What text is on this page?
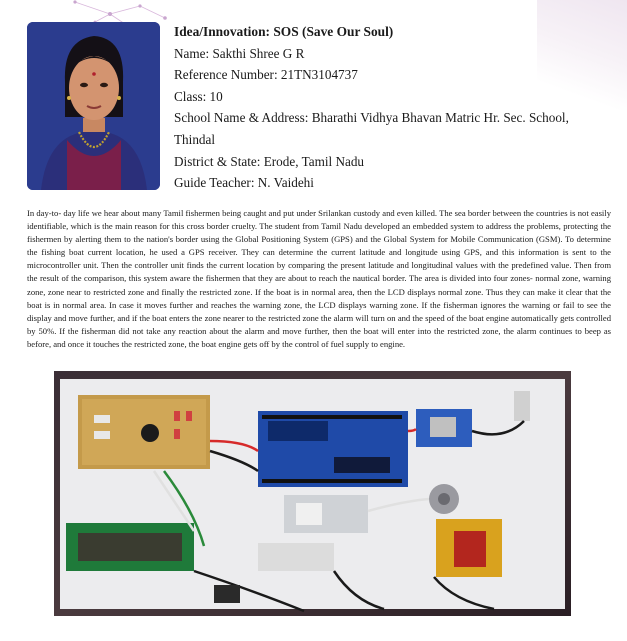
Idea/Innovation: SOS (Save Our Soul)
Name: Sakthi Shree G R
Reference Number: 21TN3104737
Class: 10
School Name & Address: Bharathi Vidhya Bhavan Matric Hr. Sec. School,
Thindal
District & State: Erode, Tamil Nadu
Guide Teacher: N. Vaidehi
In day-to- day life we hear about many Tamil fishermen being caught and put under Srilankan custody and even killed. The sea border between the countries is not easily identifiable, which is the main reason for this cross border cruelty. The student from Tamil Nadu developed an embedded system to address the problems, protecting the fishermen by alerting them to the nation's border using the Global Positioning System (GPS) and the Global System for Mobile Communication (GSM). To determine the fishing boat current location, he used a GPS receiver. They can determine the current latitude and longitude using GPS, and this information is sent to the microcontroller unit. Then the controller unit finds the current location by comparing the present latitude and longitudinal values with the predefined value. Then from the result of the comparison, this system aware the fishermen that they are about to reach the nautical border. The area is divided into four zones- normal zone, warning zone, zone near to restricted zone and finally the restricted zone. If the boat is in normal area, then the LCD displays normal zone. Thus they can make it clear that the boat is in normal area. In case it moves further and reaches the warning zone, the LCD displays warning zone. If the fisherman ignores the warning or fail to see the display and move further, and if the boat enters the zone nearer to the restricted zone the alarm will turn on and the speed of the boat engine automatically gets controlled by 50%. If the fisherman did not take any reaction about the alarm and move further, then the boat will enter into the restricted zone, the alarm continues to beep as before, and once it touches the restricted zone, the boat engine gets off by the control of fuel supply to engine.
